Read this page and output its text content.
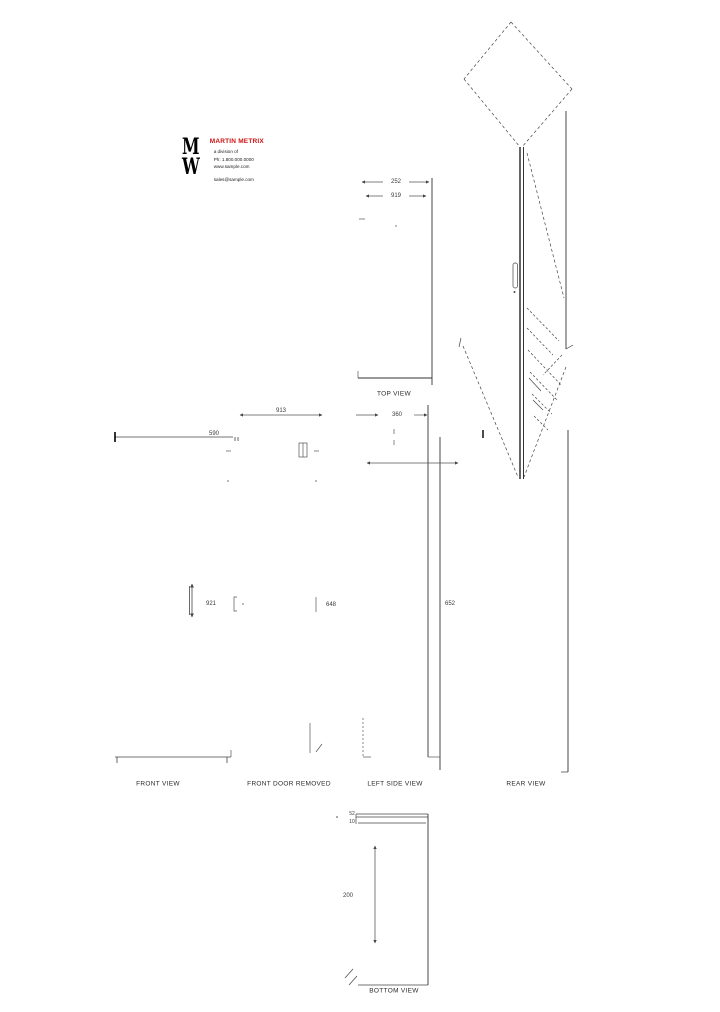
M
W
MARTIN METRIX
a division of
Ph: 1.800.000.0000
www.sample.com
sales@sample.com	252
919
360
590
913
921	648	652
200
52
10
TOP VIEW
FRONT VIEW	FRONT DOOR REMOVED	LEFT SIDE VIEW	REAR VIEW
BOTTOM VIEW
